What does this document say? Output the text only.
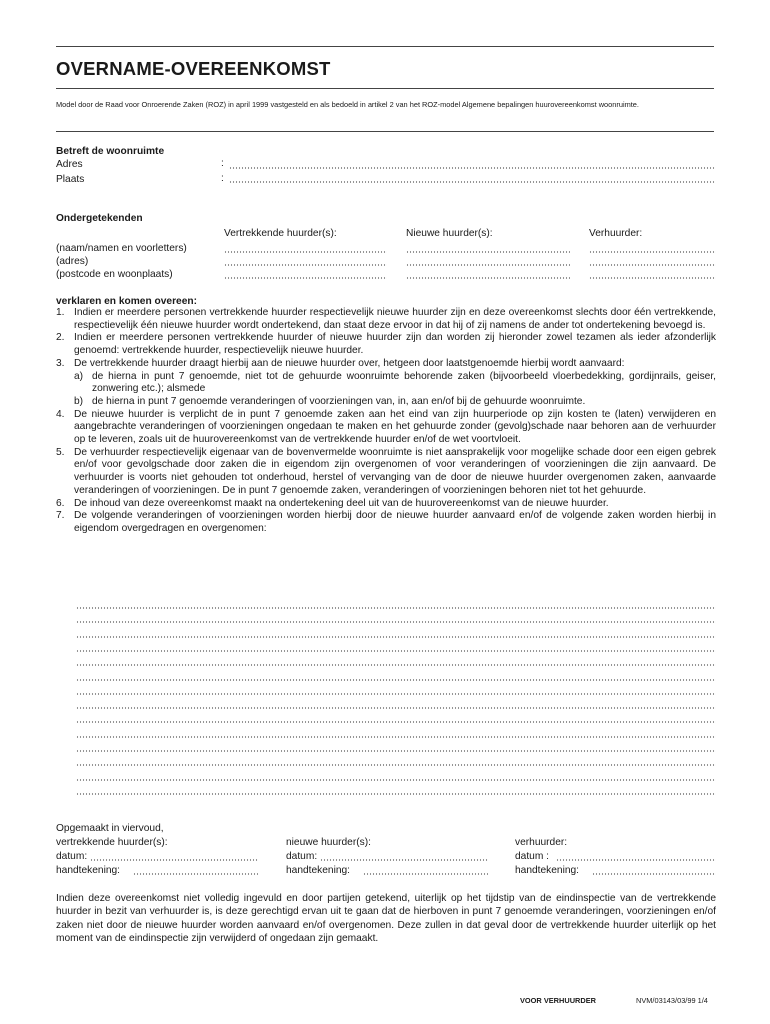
OVERNAME-OVEREENKOMST
Model door de Raad voor Onroerende Zaken (ROZ) in april 1999 vastgesteld en als bedoeld in artikel 2 van het ROZ-model Algemene bepalingen huurovereenkomst woonruimte.
Betreft de woonruimte
Adres	:
Plaats	:
Ondergetekenden
Vertrekkende huurder(s):	Nieuwe huurder(s):	Verhuurder:
(naam/namen en voorletters)
(adres)
(postcode en woonplaats)
verklaren en komen overeen:
1. Indien er meerdere personen vertrekkende huurder respectievelijk nieuwe huurder zijn en deze overeenkomst slechts door één vertrekkende, respectievelijk één nieuwe huurder wordt ondertekend, dan staat deze ervoor in dat hij of zij namens de ander tot ondertekening bevoegd is.
2. Indien er meerdere personen vertrekkende huurder of nieuwe huurder zijn dan worden zij hieronder zowel tezamen als ieder afzonderlijk genoemd: vertrekkende huurder, respectievelijk nieuwe huurder.
3. De vertrekkende huurder draagt hierbij aan de nieuwe huurder over, hetgeen door laatstgenoemde hierbij wordt aanvaard:
a) de hierna in punt 7 genoemde, niet tot de gehuurde woonruimte behorende zaken (bijvoorbeeld vloerbedekking, gordijnrails, geiser, zonwering etc.); alsmede
b) de hierna in punt 7 genoemde veranderingen of voorzieningen van, in, aan en/of bij de gehuurde woonruimte.
4. De nieuwe huurder is verplicht de in punt 7 genoemde zaken aan het eind van zijn huurperiode op zijn kosten te (laten) verwijderen en aangebrachte veranderingen of voorzieningen ongedaan te maken en het gehuurde zonder (gevolg)schade naar behoren aan de verhuurder op te leveren, zoals uit de huurovereenkomst van de vertrekkende huurder en/of de wet voortvloeit.
5. De verhuurder respectievelijk eigenaar van de bovenvermelde woonruimte is niet aansprakelijk voor mogelijke schade door een eigen gebrek en/of voor gevolgschade door zaken die in eigendom zijn overgenomen of voor veranderingen of voorzieningen die zijn aanvaard. De verhuurder is voorts niet gehouden tot onderhoud, herstel of vervanging van de door de nieuwe huurder overgenomen zaken, aanvaarde veranderingen of voorzieningen. De in punt 7 genoemde zaken, veranderingen of voorzieningen behoren niet tot het gehuurde.
6. De inhoud van deze overeenkomst maakt na ondertekening deel uit van de huurovereenkomst van de nieuwe huurder.
7. De volgende veranderingen of voorzieningen worden hierbij door de nieuwe huurder aanvaard en/of de volgende zaken worden hierbij in eigendom overgedragen en overgenomen:
Opgemaakt in viervoud,
vertrekkende huurder(s):	nieuwe huurder(s):	verhuurder:
datum:	datum:	datum :
handtekening:	handtekening:	handtekening:
Indien deze overeenkomst niet volledig ingevuld en door partijen getekend, uiterlijk op het tijdstip van de eindinspectie van de vertrekkende huurder in bezit van verhuurder is, is deze gerechtigd ervan uit te gaan dat de hierboven in punt 7 genoemde veranderingen, voorzieningen en/of zaken niet door de nieuwe huurder worden aanvaard en/of overgenomen. Deze zullen in dat geval door de vertrekkende huurder uiterlijk op het moment van de eindinspectie zijn verwijderd of ongedaan zijn gemaakt.
VOOR VERHUURDER	NVM/03143/03/99 1/4
